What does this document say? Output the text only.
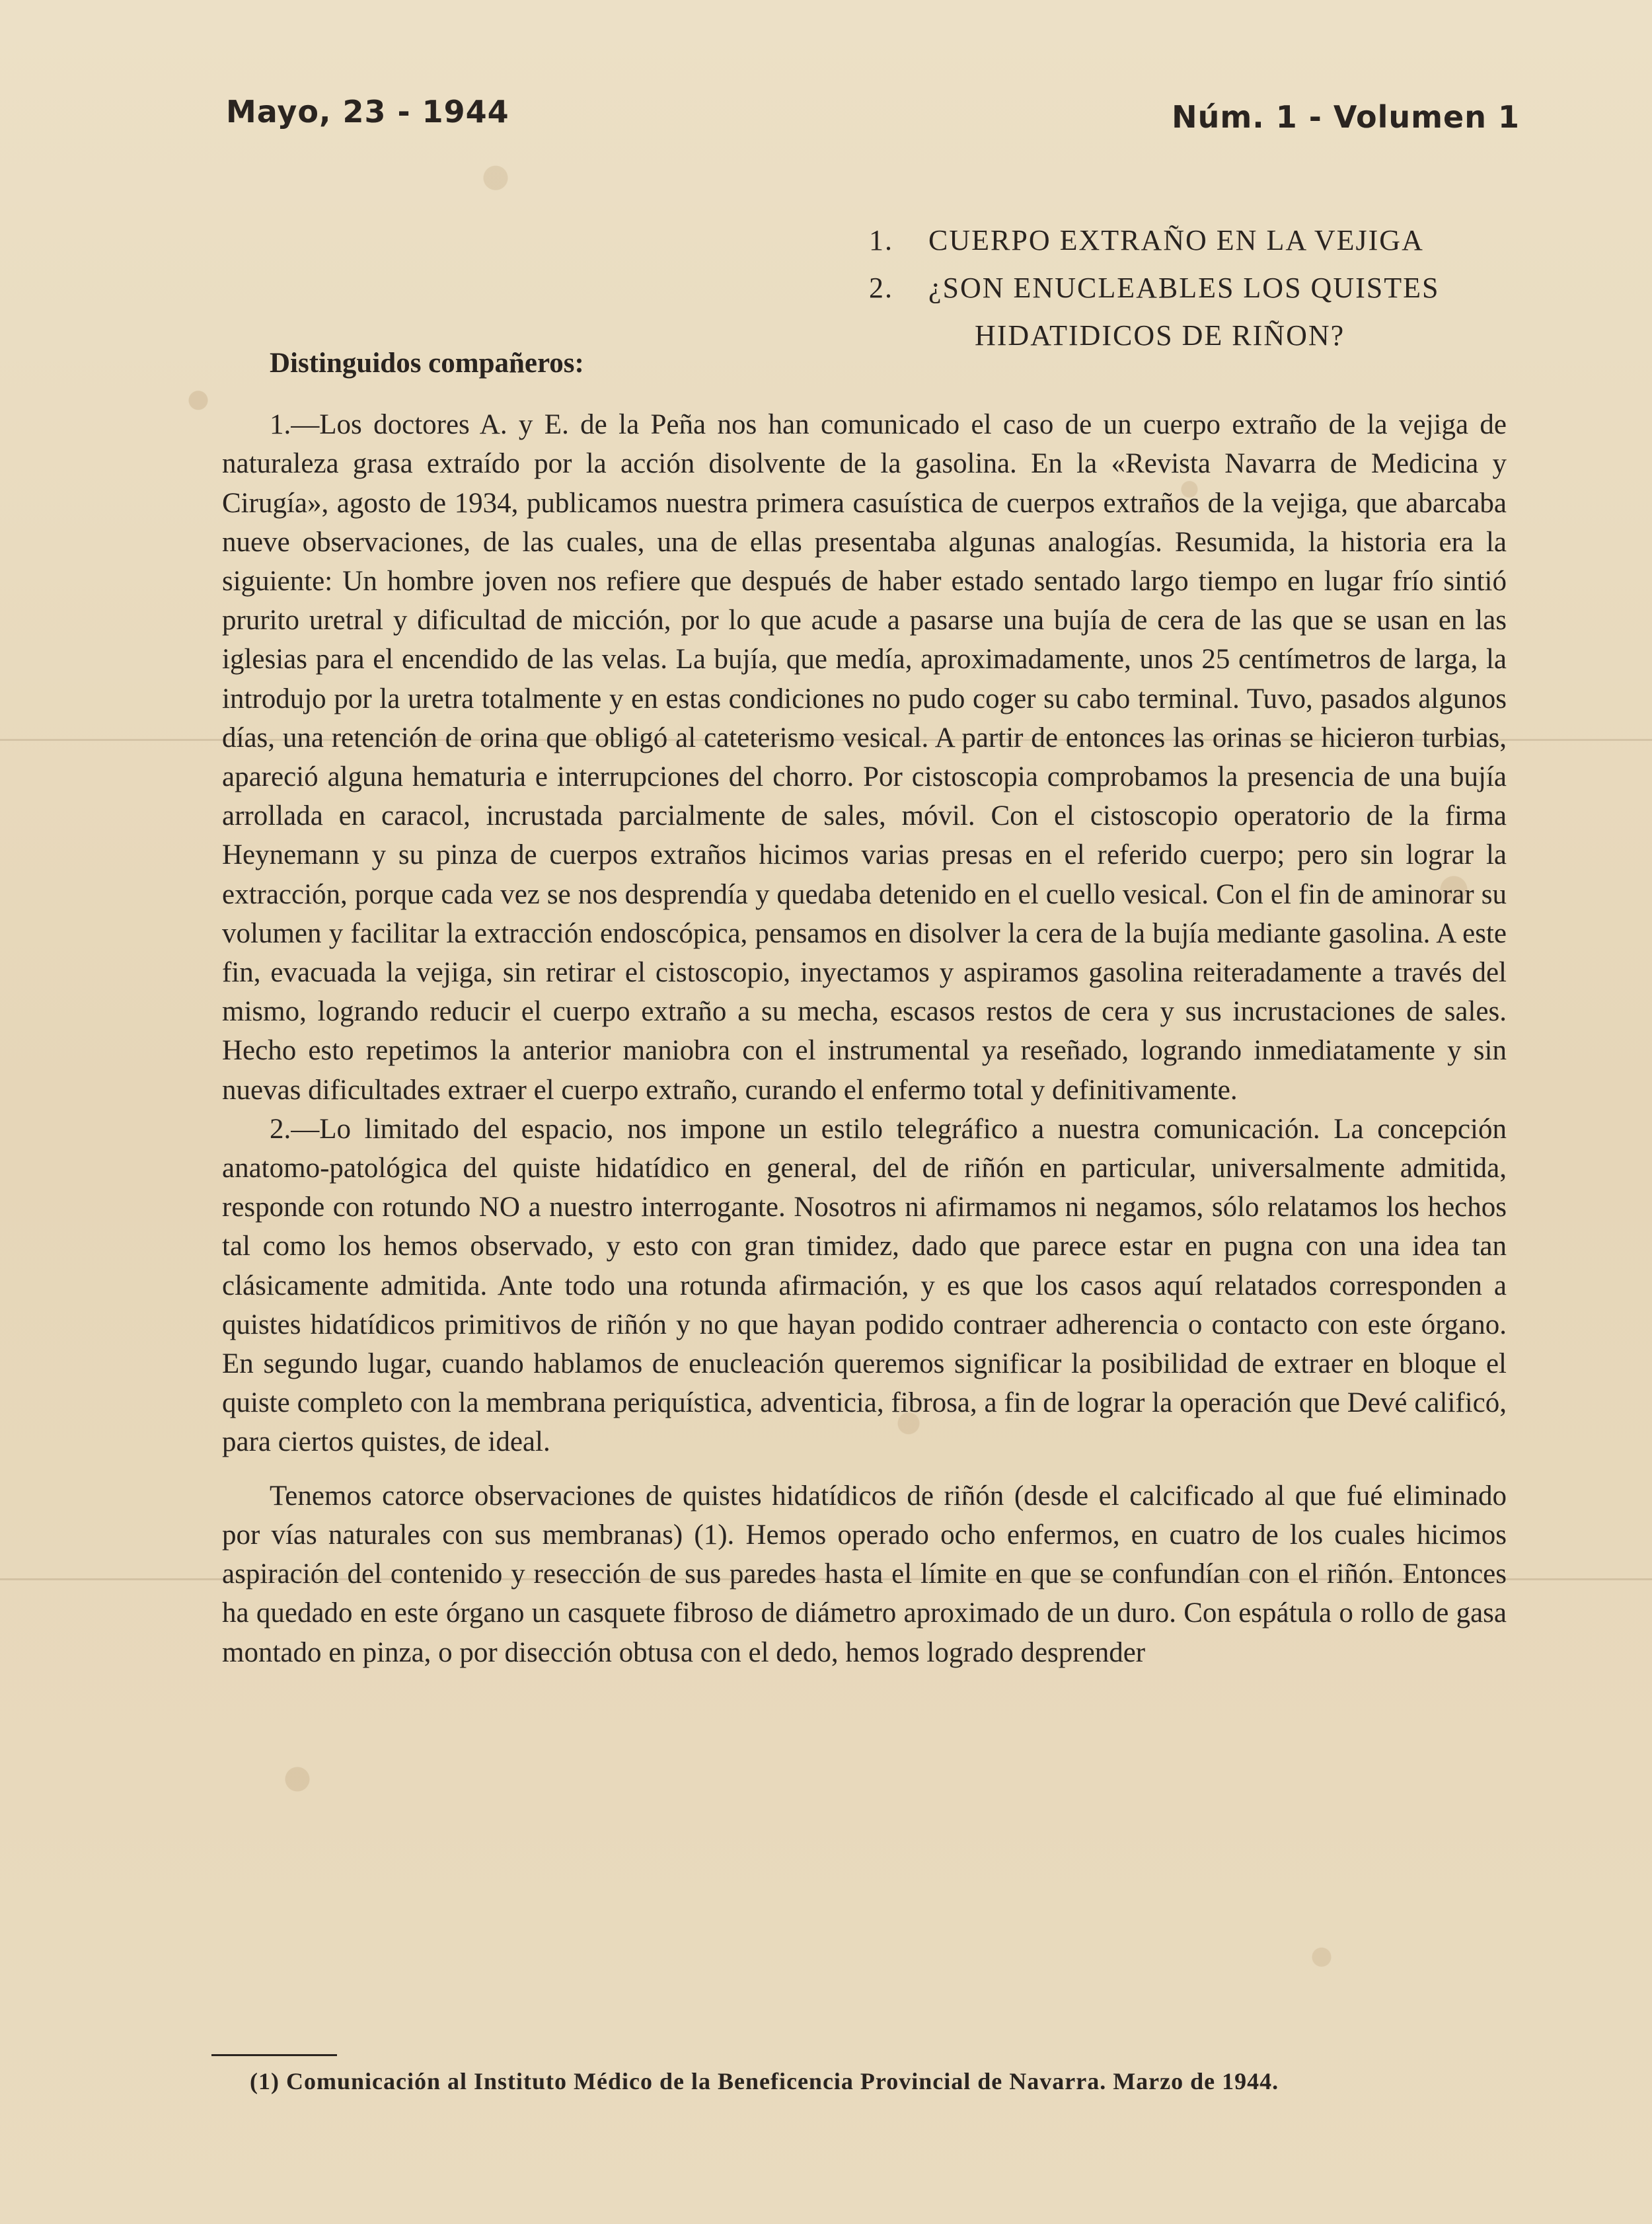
Mayo, 23 - 1944	Núm. 1 - Volumen 1
1. CUERPO EXTRAÑO EN LA VEJIGA
2. ¿SON ENUCLEABLES LOS QUISTES
HIDATIDICOS DE RIÑON?
Distinguidos compañeros:

1.—Los doctores A. y E. de la Peña nos han comunicado el caso de un cuerpo extraño de la vejiga de naturaleza grasa extraído por la acción disolvente de la gasolina. En la «Revista Navarra de Medicina y Cirugía», agosto de 1934, publicamos nuestra primera casuística de cuerpos extraños de la vejiga, que abarcaba nueve observaciones, de las cuales, una de ellas presentaba algunas analogías. Resumida, la historia era la siguiente: Un hombre joven nos refiere que después de haber estado sentado largo tiempo en lugar frío sintió prurito uretral y dificultad de micción, por lo que acude a pasarse una bujía de cera de las que se usan en las iglesias para el encendido de las velas. La bujía, que medía, aproximadamente, unos 25 centímetros de larga, la introdujo por la uretra totalmente y en estas condiciones no pudo coger su cabo terminal. Tuvo, pasados algunos días, una retención de orina que obligó al cateterismo vesical. A partir de entonces las orinas se hicieron turbias, apareció alguna hematuria e interrupciones del chorro. Por cistoscopia comprobamos la presencia de una bujía arrollada en caracol, incrustada parcialmente de sales, móvil. Con el cistoscopio operatorio de la firma Heynemann y su pinza de cuerpos extraños hicimos varias presas en el referido cuerpo; pero sin lograr la extracción, porque cada vez se nos desprendía y quedaba detenido en el cuello vesical. Con el fin de aminorar su volumen y facilitar la extracción endoscópica, pensamos en disolver la cera de la bujía mediante gasolina. A este fin, evacuada la vejiga, sin retirar el cistoscopio, inyectamos y aspiramos gasolina reiteradamente a través del mismo, logrando reducir el cuerpo extraño a su mecha, escasos restos de cera y sus incrustaciones de sales. Hecho esto repetimos la anterior maniobra con el instrumental ya reseñado, logrando inmediatamente y sin nuevas dificultades extraer el cuerpo extraño, curando el enfermo total y definitivamente.

2.—Lo limitado del espacio, nos impone un estilo telegráfico a nuestra comunicación. La concepción anatomo-patológica del quiste hidatídico en general, del de riñón en particular, universalmente admitida, responde con rotundo NO a nuestro interrogante. Nosotros ni afirmamos ni negamos, sólo relatamos los hechos tal como los hemos observado, y esto con gran timidez, dado que parece estar en pugna con una idea tan clásicamente admitida. Ante todo una rotunda afirmación, y es que los casos aquí relatados corresponden a quistes hidatídicos primitivos de riñón y no que hayan podido contraer adherencia o contacto con este órgano. En segundo lugar, cuando hablamos de enucleación queremos significar la posibilidad de extraer en bloque el quiste completo con la membrana periquística, adventicia, fibrosa, a fin de lograr la operación que Devé calificó, para ciertos quistes, de ideal.

Tenemos catorce observaciones de quistes hidatídicos de riñón (desde el calcificado al que fué eliminado por vías naturales con sus membranas) (1). Hemos operado ocho enfermos, en cuatro de los cuales hicimos aspiración del contenido y resección de sus paredes hasta el límite en que se confundían con el riñón. Entonces ha quedado en este órgano un casquete fibroso de diámetro aproximado de un duro. Con espátula o rollo de gasa montado en pinza, o por disección obtusa con el dedo, hemos logrado desprender

(1) Comunicación al Instituto Médico de la Beneficencia Provincial de Navarra. Marzo de 1944.
